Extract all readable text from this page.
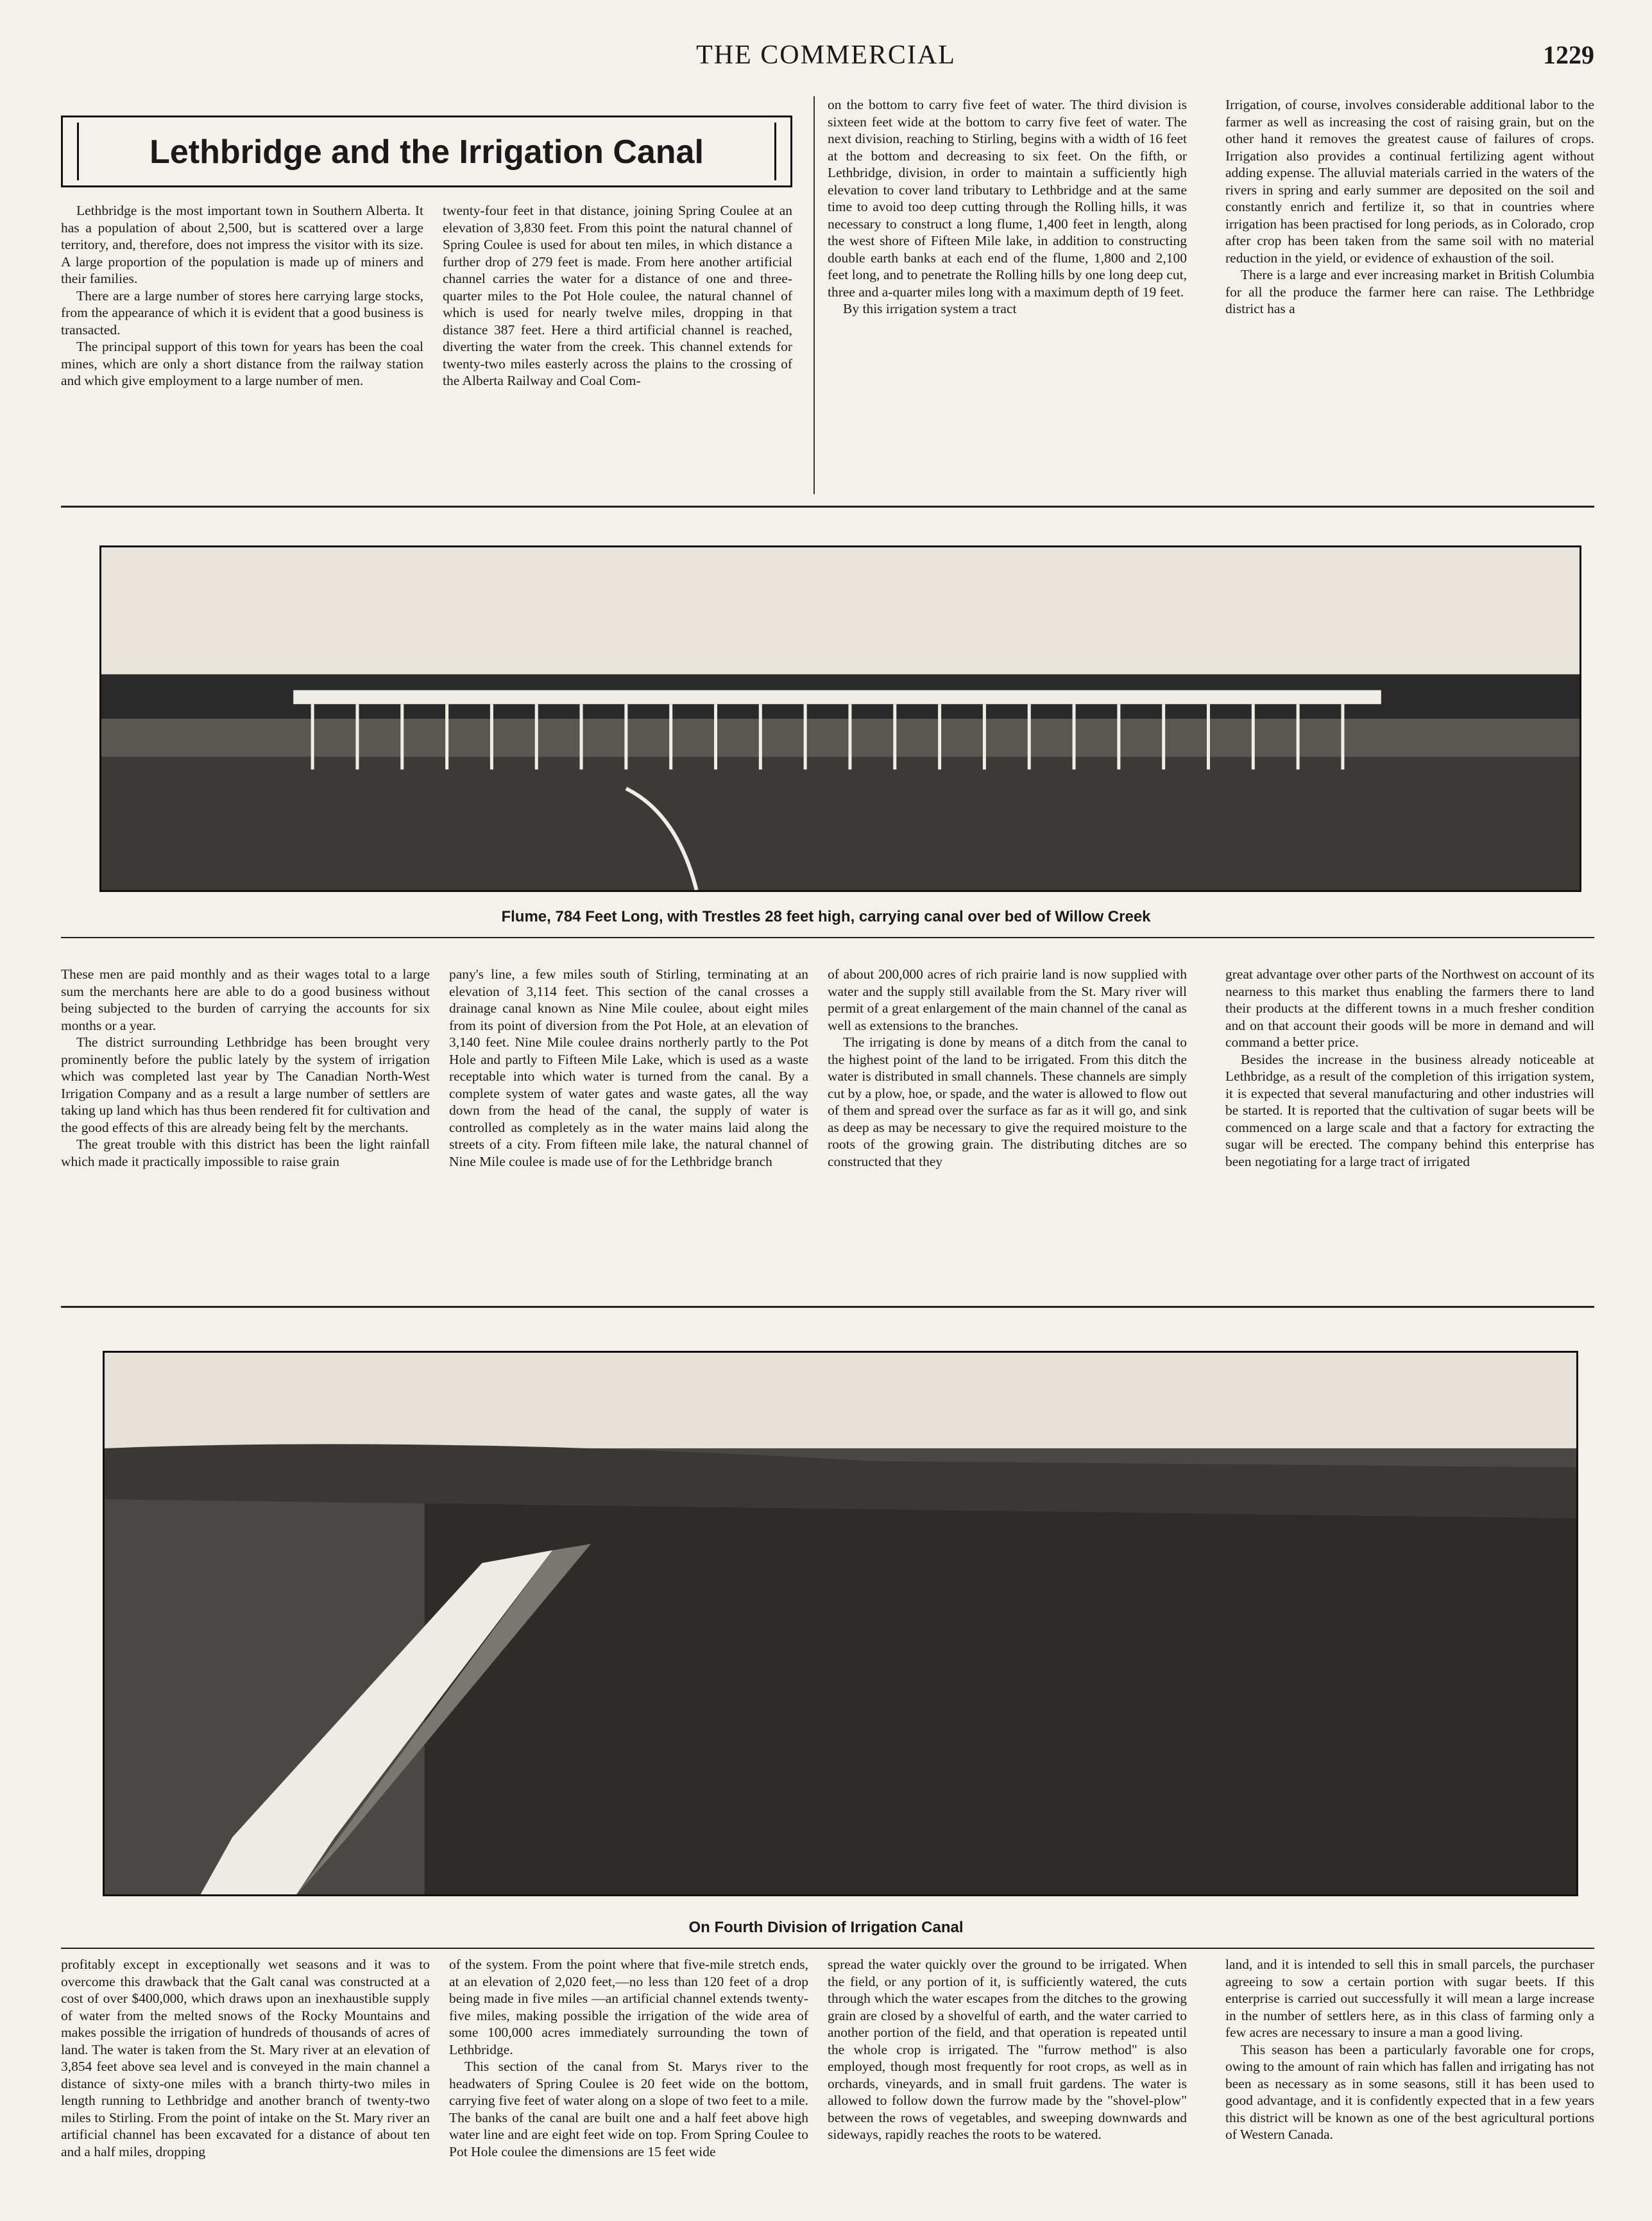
THE COMMERCIAL	1229
Lethbridge and the Irrigation Canal

Lethbridge is the most important town in Southern Alberta. It has a population of about 2,500, but is scattered over a large territory, and, therefore, does not impress the visitor with its size. A large proportion of the population is made up of miners and their families.

There are a large number of stores here carrying large stocks, from the appearance of which it is evident that a good business is transacted.

The principal support of this town for years has been the coal mines, which are only a short distance from the railway station and which give employment to a large number of men.

twenty-four feet in that distance, joining Spring Coulee at an elevation of 3,830 feet. From this point the natural channel of Spring Coulee is used for about ten miles, in which distance a further drop of 279 feet is made. From here another artificial channel carries the water for a distance of one and three-quarter miles to the Pot Hole coulee, the natural channel of which is used for nearly twelve miles, dropping in that distance 387 feet. Here a third artificial channel is reached, diverting the water from the creek. This channel extends for twenty-two miles easterly across the plains to the crossing of the Alberta Railway and Coal Com-

on the bottom to carry five feet of water. The third division is sixteen feet wide at the bottom to carry five feet of water. The next division, reaching to Stirling, begins with a width of 16 feet at the bottom and decreasing to six feet. On the fifth, or Lethbridge, division, in order to maintain a sufficiently high elevation to cover land tributary to Lethbridge and at the same time to avoid too deep cutting through the Rolling hills, it was necessary to construct a long flume, 1,400 feet in length, along the west shore of Fifteen Mile lake, in addition to constructing double earth banks at each end of the flume, 1,800 and 2,100 feet long, and to penetrate the Rolling hills by one long deep cut, three and a-quarter miles long with a maximum depth of 19 feet.

By this irrigation system a tract

Irrigation, of course, involves considerable additional labor to the farmer as well as increasing the cost of raising grain, but on the other hand it removes the greatest cause of failures of crops. Irrigation also provides a continual fertilizing agent without adding expense. The alluvial materials carried in the waters of the rivers in spring and early summer are deposited on the soil and constantly enrich and fertilize it, so that in countries where irrigation has been practised for long periods, as in Colorado, crop after crop has been taken from the same soil with no material reduction in the yield, or evidence of exhaustion of the soil.

There is a large and ever increasing market in British Columbia for all the produce the farmer here can raise. The Lethbridge district has a

Flume, 784 Feet Long, with Trestles 28 feet high, carrying canal over bed of Willow Creek

These men are paid monthly and as their wages total to a large sum the merchants here are able to do a good business without being subjected to the burden of carrying the accounts for six months or a year.

The district surrounding Lethbridge has been brought very prominently before the public lately by the system of irrigation which was completed last year by The Canadian North-West Irrigation Company and as a result a large number of settlers are taking up land which has thus been rendered fit for cultivation and the good effects of this are already being felt by the merchants.

The great trouble with this district has been the light rainfall which made it practically impossible to raise grain

pany's line, a few miles south of Stirling, terminating at an elevation of 3,114 feet. This section of the canal crosses a drainage canal known as Nine Mile coulee, about eight miles from its point of diversion from the Pot Hole, at an elevation of 3,140 feet. Nine Mile coulee drains northerly partly to the Pot Hole and partly to Fifteen Mile Lake, which is used as a waste receptable into which water is turned from the canal. By a complete system of water gates and waste gates, all the way down from the head of the canal, the supply of water is controlled as completely as in the water mains laid along the streets of a city. From fifteen mile lake, the natural channel of Nine Mile coulee is made use of for the Lethbridge branch

of about 200,000 acres of rich prairie land is now supplied with water and the supply still available from the St. Mary river will permit of a great enlargement of the main channel of the canal as well as extensions to the branches.

The irrigating is done by means of a ditch from the canal to the highest point of the land to be irrigated. From this ditch the water is distributed in small channels. These channels are simply cut by a plow, hoe, or spade, and the water is allowed to flow out of them and spread over the surface as far as it will go, and sink as deep as may be necessary to give the required moisture to the roots of the growing grain. The distributing ditches are so constructed that they

great advantage over other parts of the Northwest on account of its nearness to this market thus enabling the farmers there to land their products at the different towns in a much fresher condition and on that account their goods will be more in demand and will command a better price.

Besides the increase in the business already noticeable at Lethbridge, as a result of the completion of this irrigation system, it is expected that several manufacturing and other industries will be started. It is reported that the cultivation of sugar beets will be commenced on a large scale and that a factory for extracting the sugar will be erected. The company behind this enterprise has been negotiating for a large tract of irrigated

On Fourth Division of Irrigation Canal

profitably except in exceptionally wet seasons and it was to overcome this drawback that the Galt canal was constructed at a cost of over $400,000, which draws upon an inexhaustible supply of water from the melted snows of the Rocky Mountains and makes possible the irrigation of hundreds of thousands of acres of land. The water is taken from the St. Mary river at an elevation of 3,854 feet above sea level and is conveyed in the main channel a distance of sixty-one miles with a branch thirty-two miles in length running to Lethbridge and another branch of twenty-two miles to Stirling. From the point of intake on the St. Mary river an artificial channel has been excavated for a distance of about ten and a half miles, dropping

of the system. From the point where that five-mile stretch ends, at an elevation of 2,020 feet,—no less than 120 feet of a drop being made in five miles —an artificial channel extends twenty-five miles, making possible the irrigation of the wide area of some 100,000 acres immediately surrounding the town of Lethbridge.

This section of the canal from St. Marys river to the headwaters of Spring Coulee is 20 feet wide on the bottom, carrying five feet of water along on a slope of two feet to a mile. The banks of the canal are built one and a half feet above high water line and are eight feet wide on top. From Spring Coulee to Pot Hole coulee the dimensions are 15 feet wide

spread the water quickly over the ground to be irrigated. When the field, or any portion of it, is sufficiently watered, the cuts through which the water escapes from the ditches to the growing grain are closed by a shovelful of earth, and the water carried to another portion of the field, and that operation is repeated until the whole crop is irrigated. The "furrow method" is also employed, though most frequently for root crops, as well as in orchards, vineyards, and in small fruit gardens. The water is allowed to follow down the furrow made by the "shovel-plow" between the rows of vegetables, and sweeping downwards and sideways, rapidly reaches the roots to be watered.

land, and it is intended to sell this in small parcels, the purchaser agreeing to sow a certain portion with sugar beets. If this enterprise is carried out successfully it will mean a large increase in the number of settlers here, as in this class of farming only a few acres are necessary to insure a man a good living.

This season has been a particularly favorable one for crops, owing to the amount of rain which has fallen and irrigating has not been as necessary as in some seasons, still it has been used to good advantage, and it is confidently expected that in a few years this district will be known as one of the best agricultural portions of Western Canada.
